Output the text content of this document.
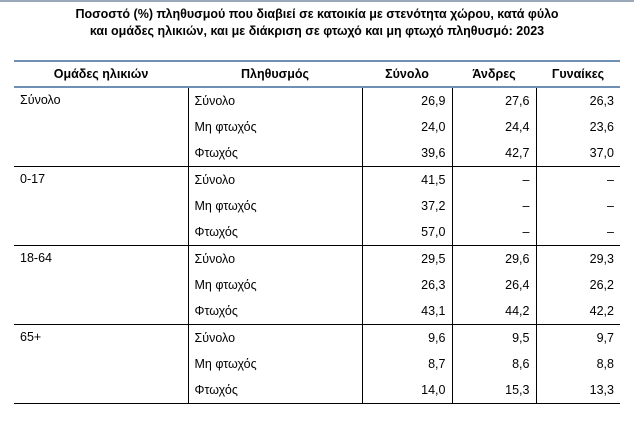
Ποσοστό (%) πληθυσμού που διαβιεί σε κατοικία με στενότητα χώρου, κατά φύλο
και ομάδες ηλικιών, και με διάκριση σε φτωχό και μη φτωχό πληθυσμό: 2023
Ομάδες ηλικιών	Πληθυσμός	Σύνολο	Άνδρες	Γυναίκες
Σύνολο	Σύνολο	26,9	27,6	26,3
	Μη φτωχός	24,0	24,4	23,6
	Φτωχός	39,6	42,7	37,0
0-17	Σύνολο	41,5	–	–
	Μη φτωχός	37,2	–	–
	Φτωχός	57,0	–	–
18-64	Σύνολο	29,5	29,6	29,3
	Μη φτωχός	26,3	26,4	26,2
	Φτωχός	43,1	44,2	42,2
65+	Σύνολο	9,6	9,5	9,7
	Μη φτωχός	8,7	8,6	8,8
	Φτωχός	14,0	15,3	13,3
